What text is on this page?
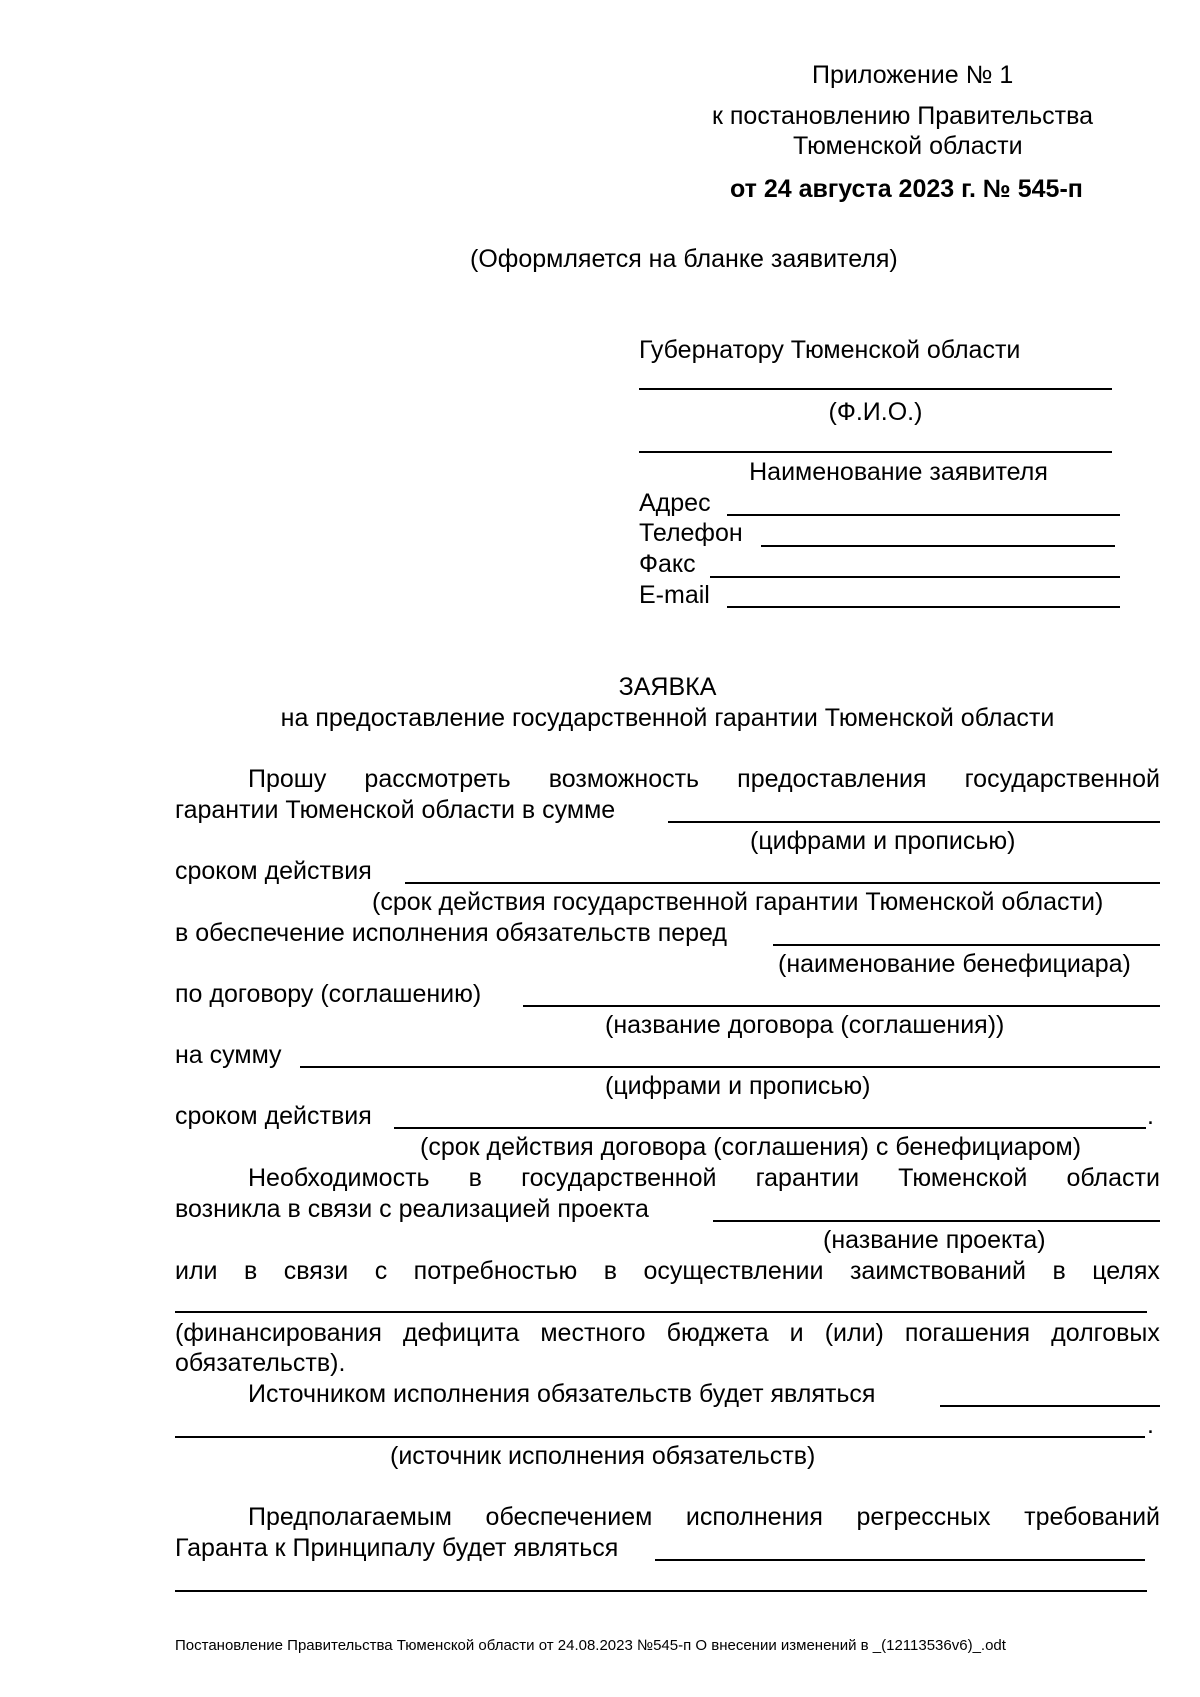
Приложение № 1
к постановлению Правительства
Тюменской области
от 24 августа 2023 г. № 545-п
(Оформляется на бланке заявителя)
Губернатору Тюменской области
(Ф.И.О.)
Наименование заявителя
Адрес
Телефон
Факс
E-mail
ЗАЯВКА
на предоставление государственной гарантии Тюменской области
Прошу рассмотреть возможность предоставления государственной
гарантии Тюменской области в сумме
(цифрами и прописью)
сроком действия
(срок действия государственной гарантии Тюменской области)
в обеспечение исполнения обязательств перед
(наименование бенефициара)
по договору (соглашению)
(название договора (соглашения))
на сумму
(цифрами и прописью)
сроком действия	.
(срок действия договора (соглашения) с бенефициаром)
Необходимость в государственной гарантии Тюменской области
возникла в связи с реализацией проекта
(название проекта)
или в связи с потребностью в осуществлении заимствований в целях
(финансирования дефицита местного бюджета и (или) погашения долговых
обязательств).
Источником исполнения обязательств будет являться
.
(источник исполнения обязательств)
Предполагаемым обеспечением исполнения регрессных требований
Гаранта к Принципалу будет являться
Постановление Правительства Тюменской области от 24.08.2023 №545-п О внесении изменений в _(12113536v6)_.odt
